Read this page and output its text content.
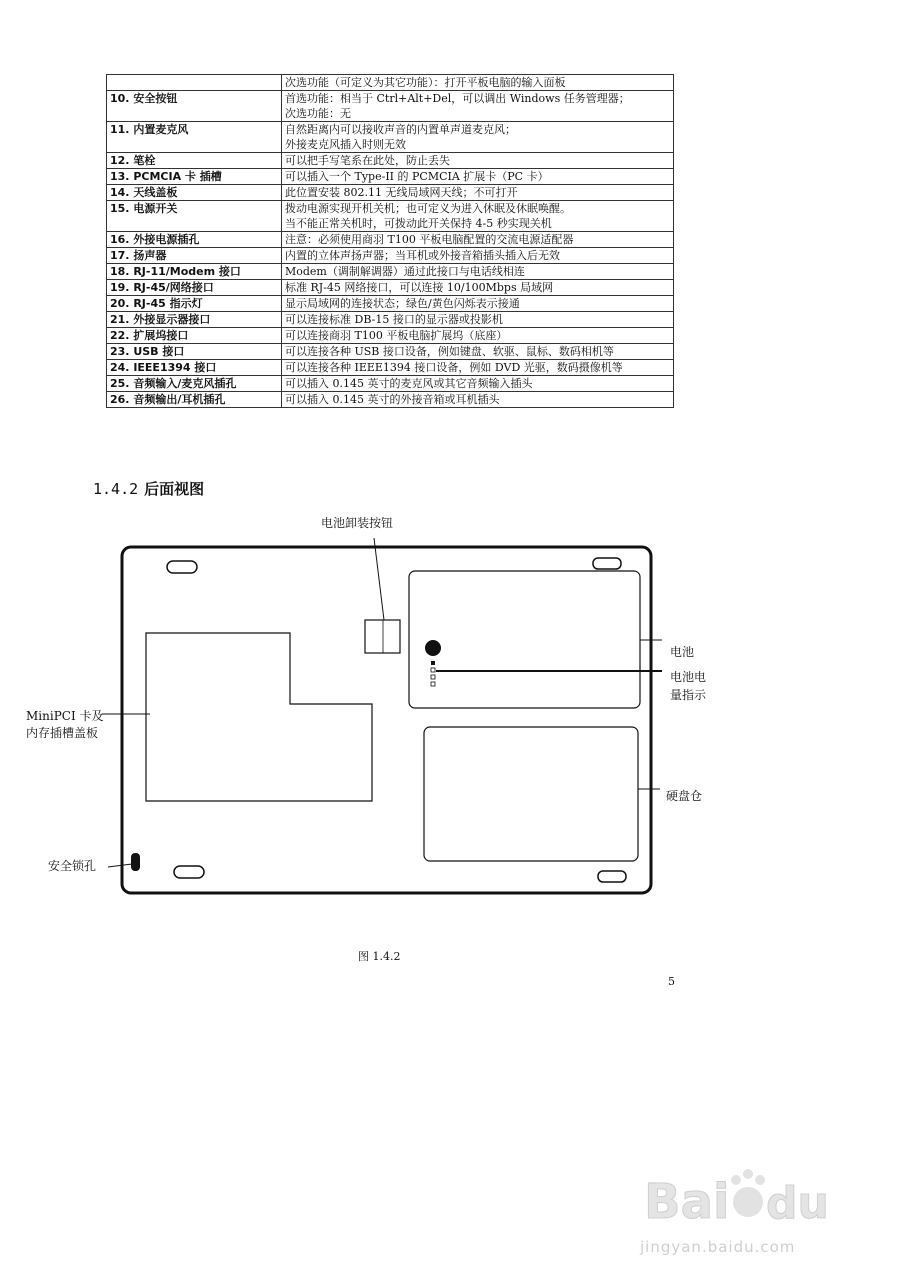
	次选功能（可定义为其它功能）：打开平板电脑的输入面板

10. 安全按钮	首选功能：相当于 Ctrl+Alt+Del，可以调出 Windows 任务管理器；
次选功能：无

11. 内置麦克风	自然距离内可以接收声音的内置单声道麦克风；
外接麦克风插入时则无效

12. 笔栓	可以把手写笔系在此处，防止丢失

13. PCMCIA 卡 插槽	可以插入一个 Type-II 的 PCMCIA 扩展卡（PC 卡）

14. 天线盖板	此位置安装 802.11 无线局域网天线；不可打开

15. 电源开关	拨动电源实现开机关机；也可定义为进入休眠及休眠唤醒。
当不能正常关机时，可拨动此开关保持 4-5 秒实现关机

16. 外接电源插孔	注意：必须使用商羽 T100 平板电脑配置的交流电源适配器

17. 扬声器	内置的立体声扬声器；当耳机或外接音箱插头插入后无效

18. RJ-11/Modem 接口	Modem（调制解调器）通过此接口与电话线相连

19. RJ-45/网络接口	标准 RJ-45 网络接口，可以连接 10/100Mbps 局域网

20. RJ-45 指示灯	显示局域网的连接状态；绿色/黄色闪烁表示接通

21. 外接显示器接口	可以连接标准 DB-15 接口的显示器或投影机

22. 扩展坞接口	可以连接商羽 T100 平板电脑扩展坞（底座）

23. USB 接口	可以连接各种 USB 接口设备，例如键盘、软驱、鼠标、数码相机等

24. IEEE1394 接口	可以连接各种 IEEE1394 接口设备，例如 DVD 光驱，数码摄像机等

25. 音频输入/麦克风插孔	可以插入 0.145 英寸的麦克风或其它音频输入插头

26. 音频输出/耳机插孔	可以插入 0.145 英寸的外接音箱或耳机插头
1.4.2 后面视图
电池卸装按钮
电池
电池电
量指示
MiniPCI 卡及
内存插槽盖板
硬盘仓
安全锁孔
图 1.4.2
5
Bai du
jingyan.baidu.com
